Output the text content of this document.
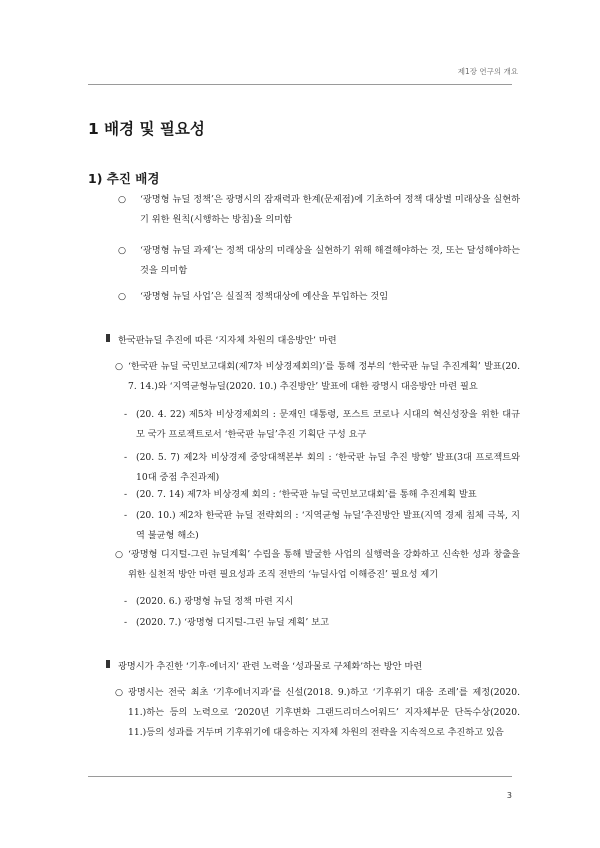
제1장 연구의 개요
1 배경 및 필요성
1) 추진 배경
○ ‘광명형 뉴딜 정책’은 광명시의 잠재력과 한계(문제점)에 기초하여 정책 대상별 미래상을 실현하기 위한 원칙(시행하는 방침)을 의미함
○ ‘광명형 뉴딜 과제’는 정책 대상의 미래상을 실현하기 위해 해결해야하는 것, 또는 달성해야하는 것을 의미함
○ ‘광명형 뉴딜 사업’은 실질적 정책대상에 예산을 투입하는 것임
한국판뉴딜 추진에 따른 ‘지자체 차원의 대응방안’ 마련
○ ‘한국판 뉴딜 국민보고대회(제7차 비상경제회의)’를 통해 정부의 ‘한국판 뉴딜 추진계획’ 발표(20. 7. 14.)와 ‘지역균형뉴딜(2020. 10.) 추진방안’ 발표에 대한 광명시 대응방안 마련 필요
- (20. 4. 22) 제5차 비상경제회의 : 문재인 대통령, 포스트 코로나 시대의 혁신성장을 위한 대규모 국가 프로젝트로서 ‘한국판 뉴딜’추진 기획단 구성 요구
- (20. 5. 7) 제2차 비상경제 중앙대책본부 회의 : ‘한국판 뉴딜 추진 방향’ 발표(3대 프로젝트와 10대 중점 추진과제)
- (20. 7. 14) 제7차 비상경제 회의 : ‘한국판 뉴딜 국민보고대회’를 통해 추진계획 발표
- (20. 10.) 제2차 한국판 뉴딜 전략회의 : ‘지역균형 뉴딜’추진방안 발표(지역 경제 침체 극복, 지역 불균형 해소)
○ ‘광명형 디지털-그린 뉴딜계획’ 수립을 통해 발굴한 사업의 실행력을 강화하고 신속한 성과 창출을 위한 실천적 방안 마련 필요성과 조직 전반의 ‘뉴딜사업 이해증진’ 필요성 제기
- (2020. 6.) 광명형 뉴딜 정책 마련 지시
- (2020. 7.) ‘광명형 디지털-그린 뉴딜 계획’ 보고
광명시가 추진한 ‘기후·에너지’ 관련 노력을 ‘성과물로 구체화’하는 방안 마련
○ 광명시는 전국 최초 ‘기후에너지과’를 신설(2018. 9.)하고 ‘기후위기 대응 조례’를 제정(2020. 11.)하는 등의 노력으로 ‘2020년 기후변화 그랜드리더스어워드’ 지자체부문 단독수상(2020. 11.)등의 성과를 거두며 기후위기에 대응하는 지자체 차원의 전략을 지속적으로 추진하고 있음
3
